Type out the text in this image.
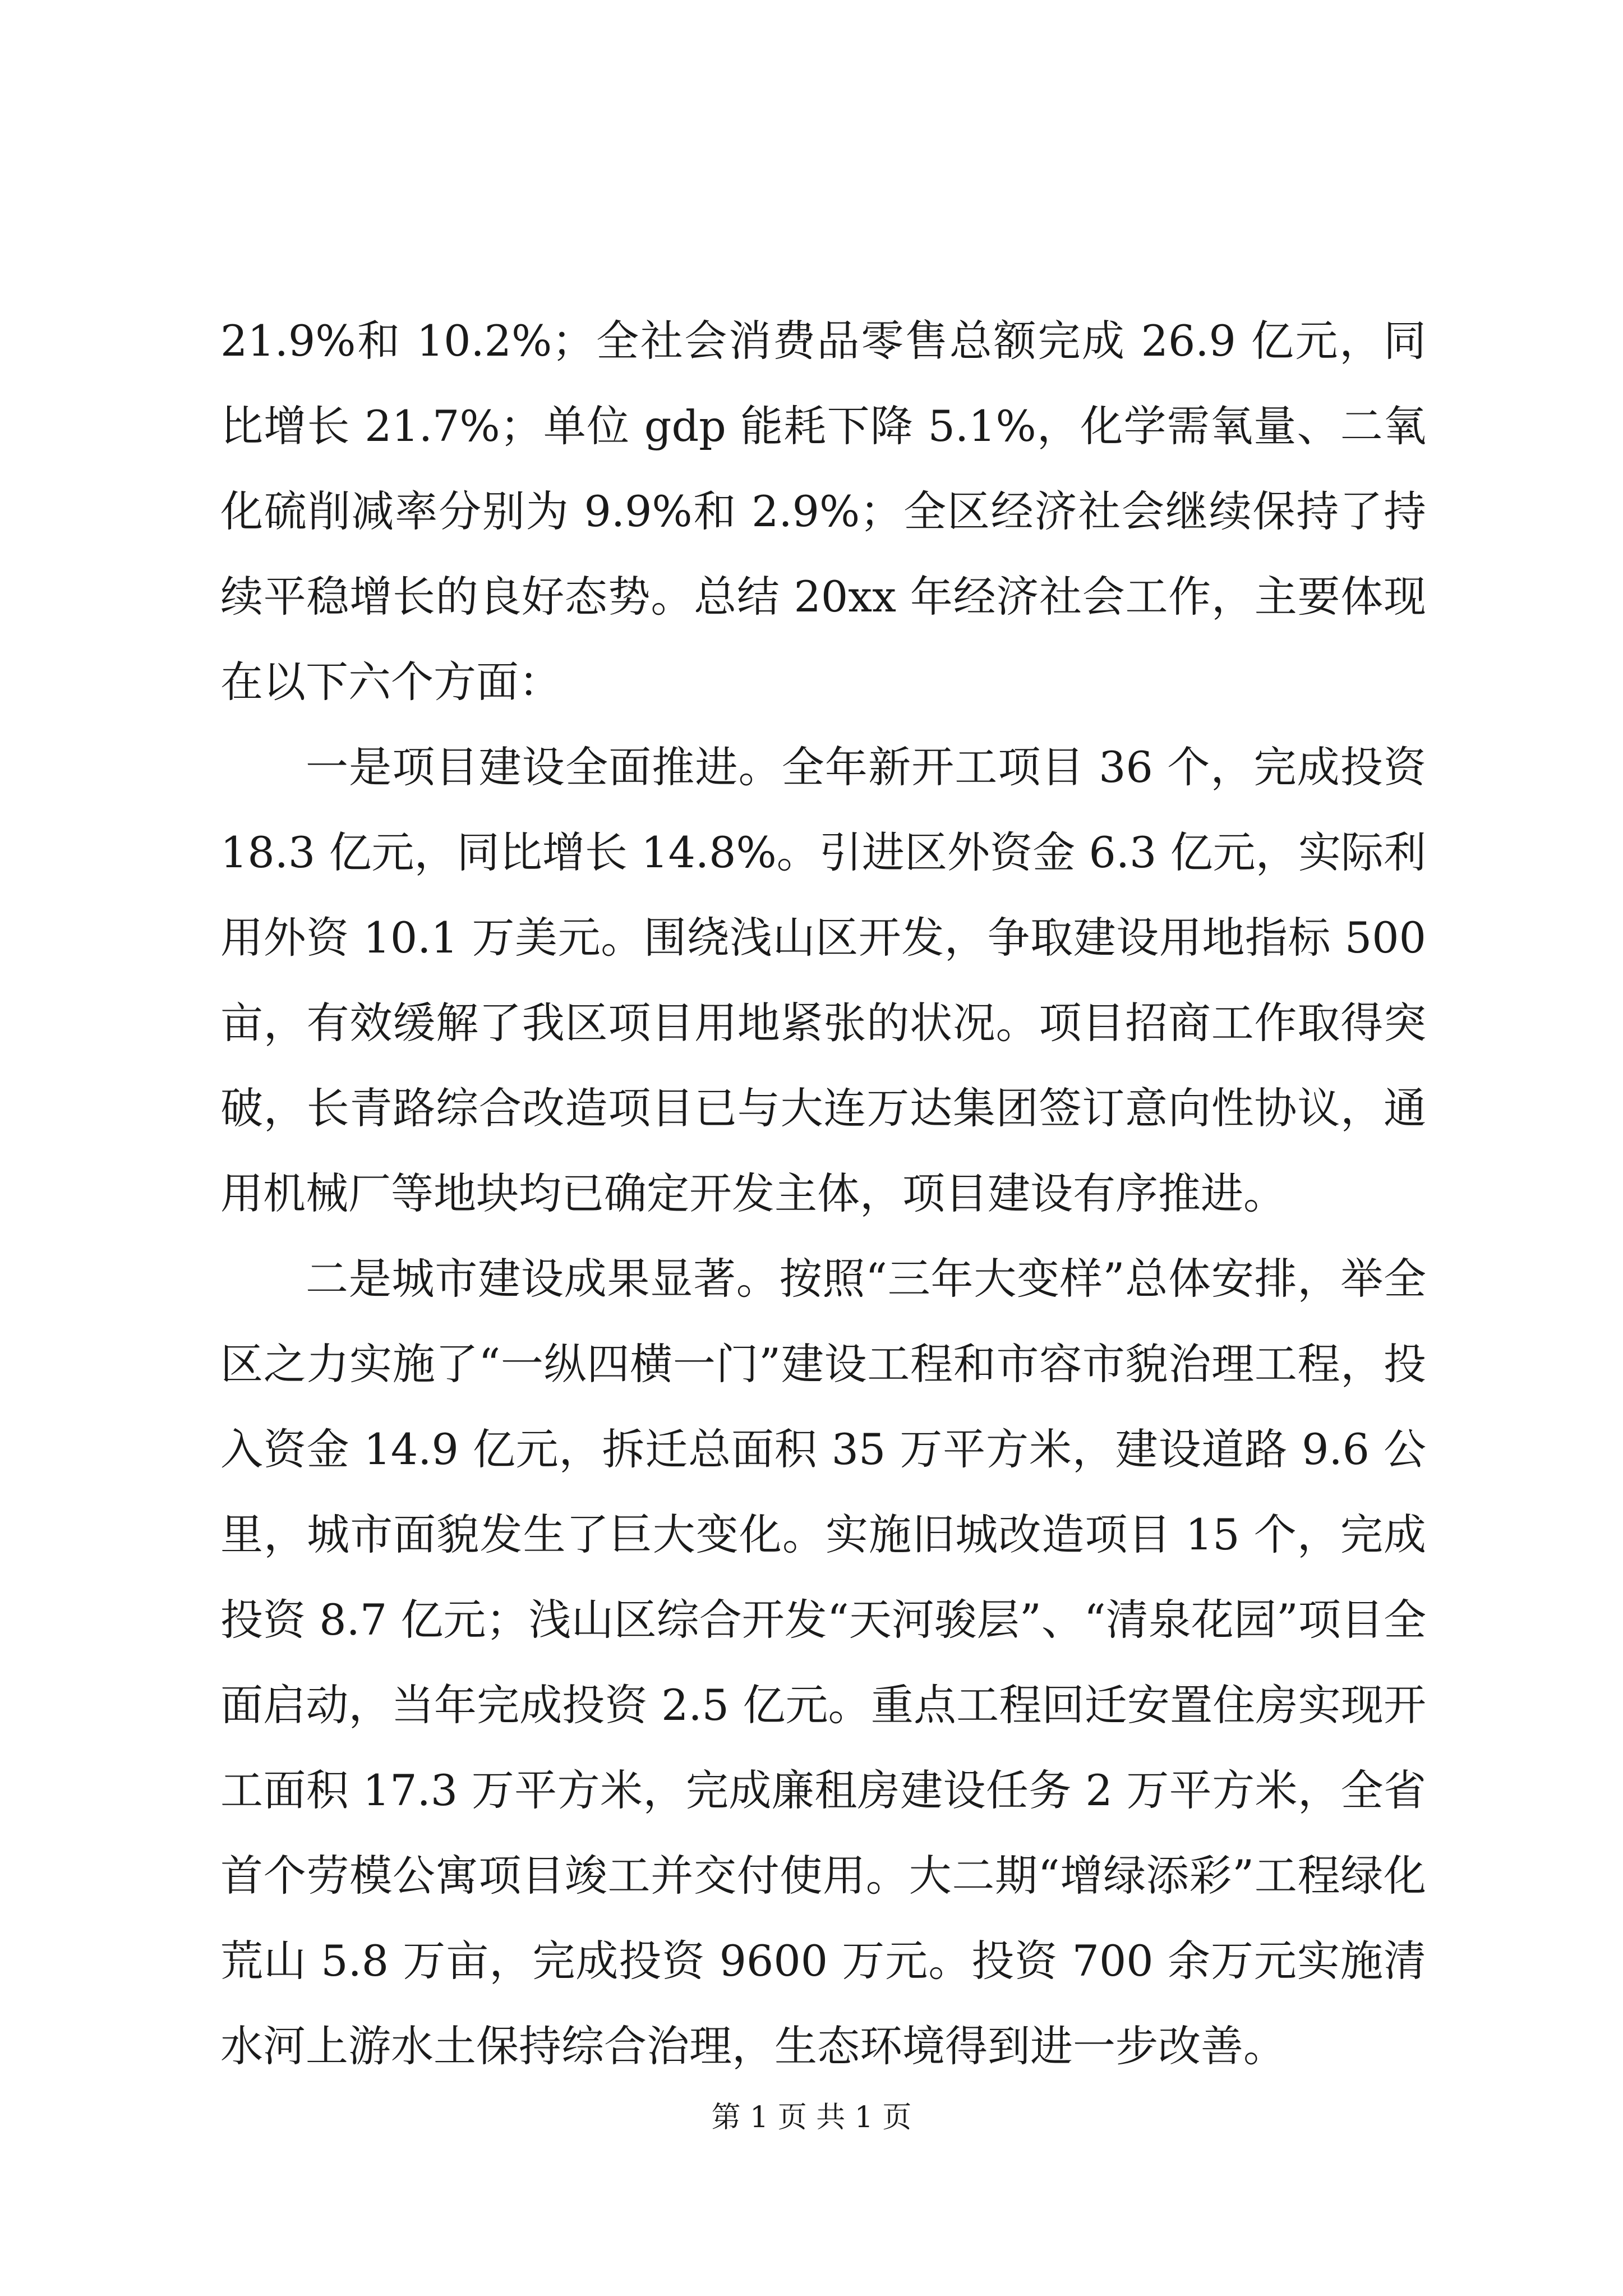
21.9%和 10.2%；全社会消费品零售总额完成 26.9 亿元，同比增长 21.7%；单位 gdp 能耗下降 5.1%，化学需氧量、二氧化硫削减率分别为 9.9%和 2.9%；全区经济社会继续保持了持续平稳增长的良好态势。总结 20xx 年经济社会工作，主要体现在以下六个方面：

一是项目建设全面推进。全年新开工项目 36 个，完成投资 18.3 亿元，同比增长 14.8%。引进区外资金 6.3 亿元，实际利用外资 10.1 万美元。围绕浅山区开发，争取建设用地指标 500 亩，有效缓解了我区项目用地紧张的状况。项目招商工作取得突破，长青路综合改造项目已与大连万达集团签订意向性协议，通用机械厂等地块均已确定开发主体，项目建设有序推进。

二是城市建设成果显著。按照“三年大变样”总体安排，举全区之力实施了“一纵四横一门”建设工程和市容市貌治理工程，投入资金 14.9 亿元，拆迁总面积 35 万平方米，建设道路 9.6 公里，城市面貌发生了巨大变化。实施旧城改造项目 15 个，完成投资 8.7 亿元；浅山区综合开发“天河骏层”、“清泉花园”项目全面启动，当年完成投资 2.5 亿元。重点工程回迁安置住房实现开工面积 17.3 万平方米，完成廉租房建设任务 2 万平方米，全省首个劳模公寓项目竣工并交付使用。大二期“增绿添彩”工程绿化荒山 5.8 万亩，完成投资 9600 万元。投资 700 余万元实施清水河上游水土保持综合治理，生态环境得到进一步改善。

第 1 页 共 1 页
